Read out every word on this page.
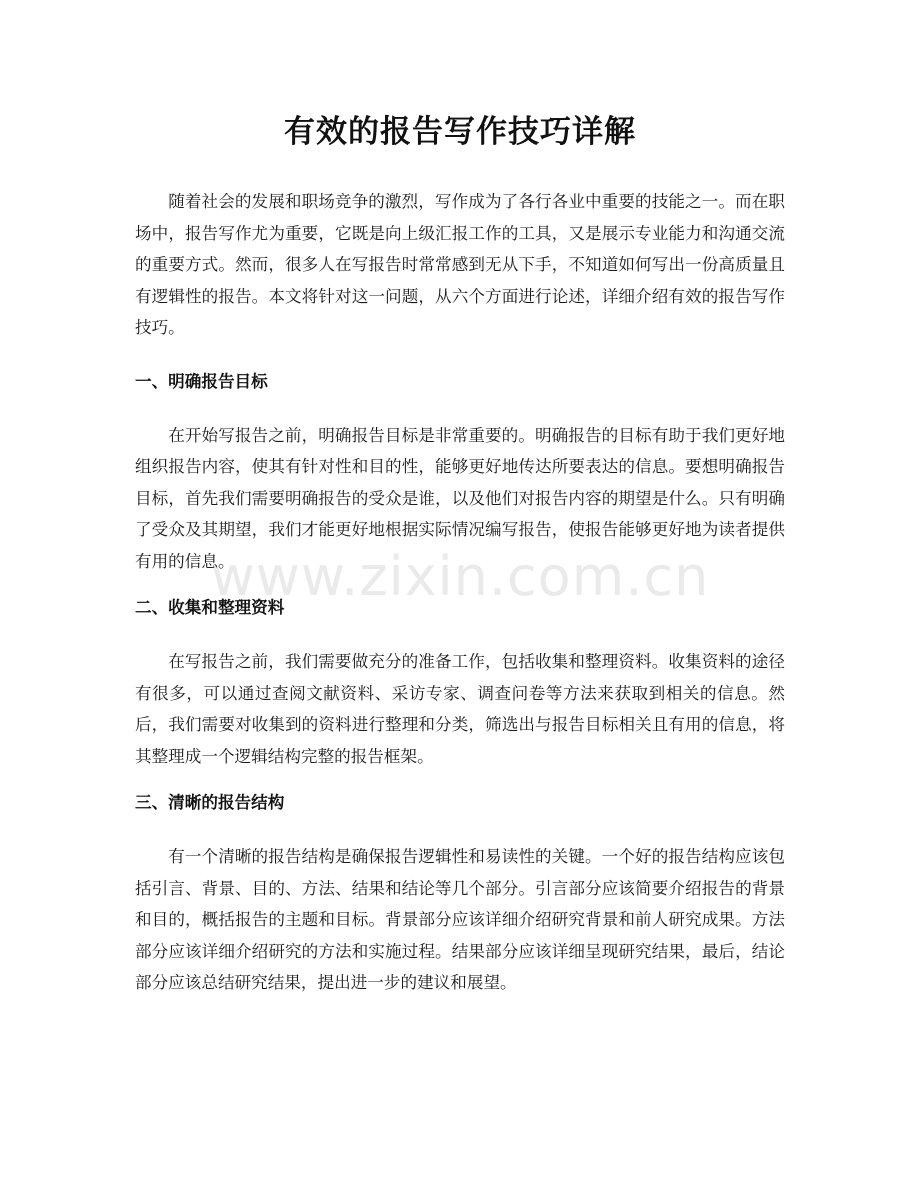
有效的报告写作技巧详解

随着社会的发展和职场竞争的激烈，写作成为了各行各业中重要的技能之一。而在职场中，报告写作尤为重要，它既是向上级汇报工作的工具，又是展示专业能力和沟通交流的重要方式。然而，很多人在写报告时常常感到无从下手，不知道如何写出一份高质量且有逻辑性的报告。本文将针对这一问题，从六个方面进行论述，详细介绍有效的报告写作技巧。

一、明确报告目标

在开始写报告之前，明确报告目标是非常重要的。明确报告的目标有助于我们更好地组织报告内容，使其有针对性和目的性，能够更好地传达所要表达的信息。要想明确报告目标，首先我们需要明确报告的受众是谁，以及他们对报告内容的期望是什么。只有明确了受众及其期望，我们才能更好地根据实际情况编写报告，使报告能够更好地为读者提供有用的信息。

二、收集和整理资料

在写报告之前，我们需要做充分的准备工作，包括收集和整理资料。收集资料的途径有很多，可以通过查阅文献资料、采访专家、调查问卷等方法来获取到相关的信息。然后，我们需要对收集到的资料进行整理和分类，筛选出与报告目标相关且有用的信息，将其整理成一个逻辑结构完整的报告框架。

三、清晰的报告结构

有一个清晰的报告结构是确保报告逻辑性和易读性的关键。一个好的报告结构应该包括引言、背景、目的、方法、结果和结论等几个部分。引言部分应该简要介绍报告的背景和目的，概括报告的主题和目标。背景部分应该详细介绍研究背景和前人研究成果。方法部分应该详细介绍研究的方法和实施过程。结果部分应该详细呈现研究结果，最后，结论部分应该总结研究结果，提出进一步的建议和展望。

www.zixin.com.cn
